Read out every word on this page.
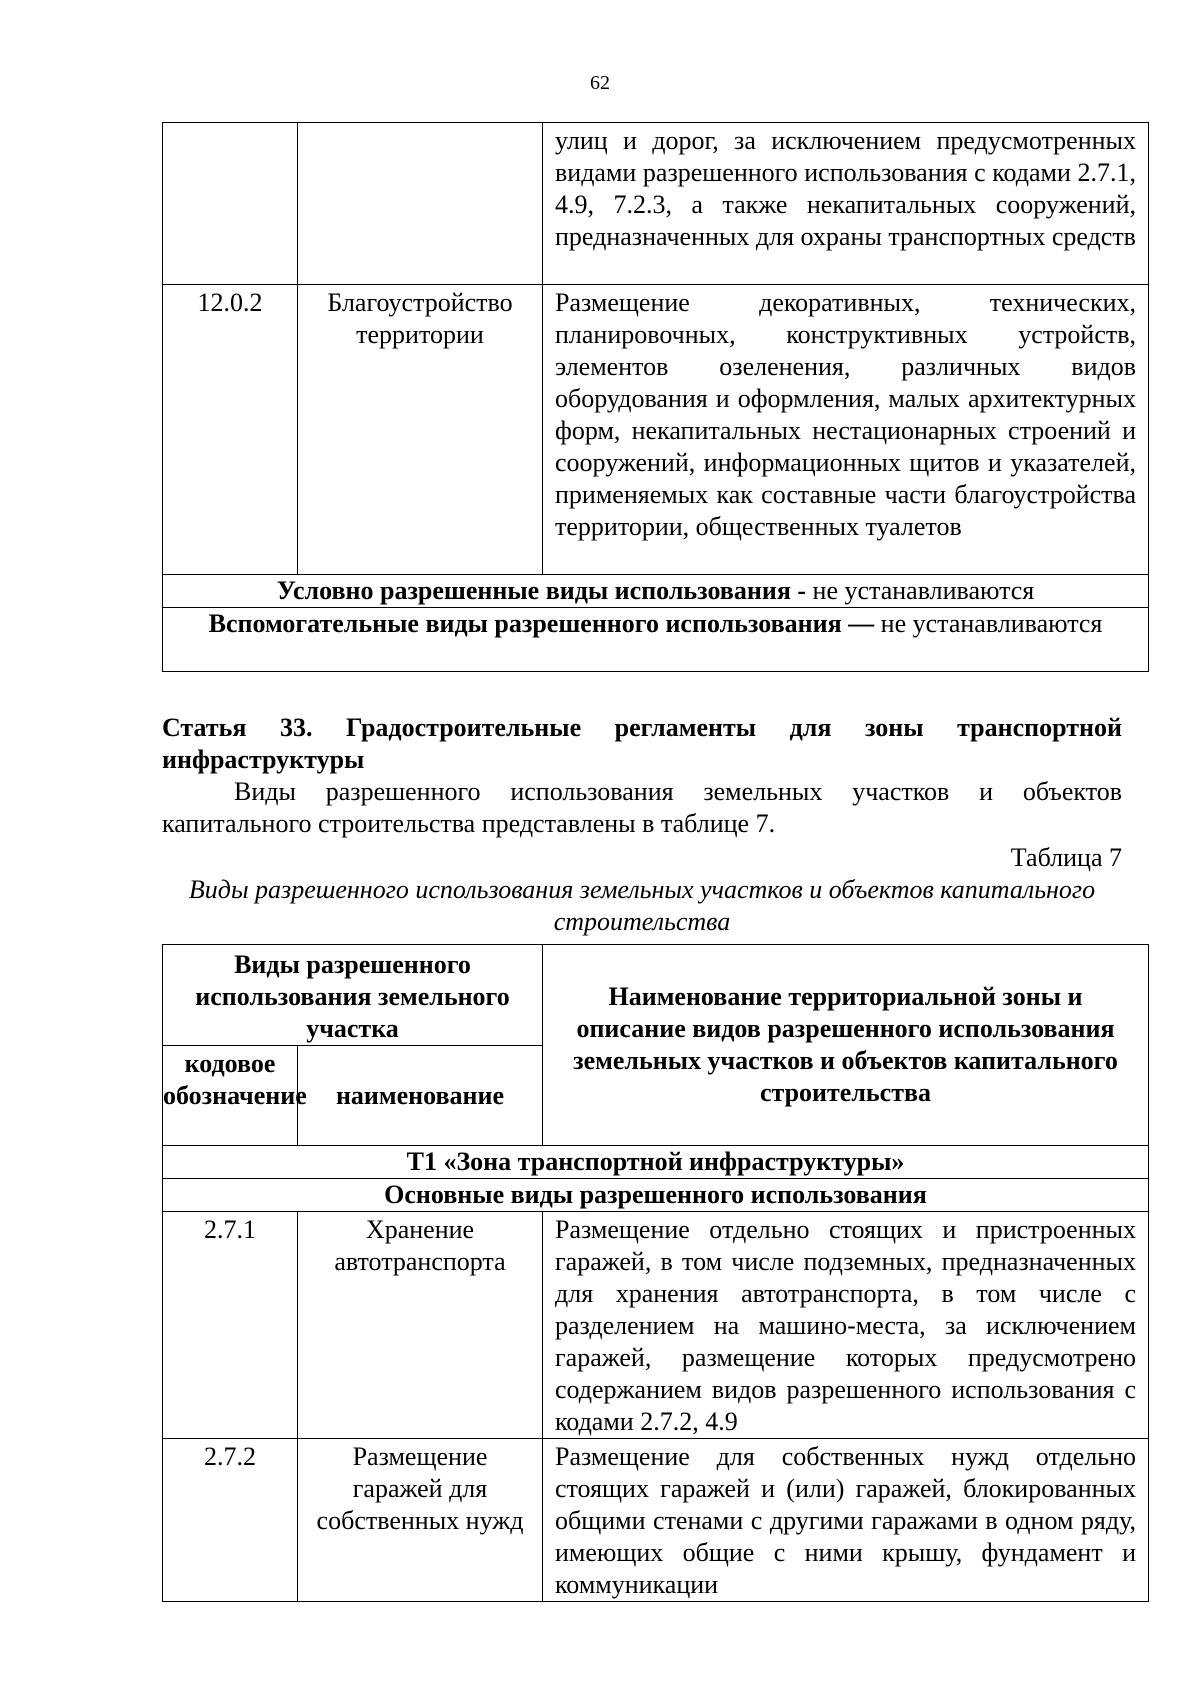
62
		улиц и дорог, за исключением предусмотренных видами разрешенного использования с кодами 2.7.1, 4.9, 7.2.3, а также некапитальных сооружений, предназначенных для охраны транспортных средств
12.0.2	Благоустройство территории	Размещение декоративных, технических, планировочных, конструктивных устройств, элементов озеленения, различных видов оборудования и оформления, малых архитектурных форм, некапитальных нестационарных строений и сооружений, информационных щитов и указателей, применяемых как составные части благоустройства территории, общественных туалетов
Условно разрешенные виды использования - не устанавливаются		
Вспомогательные виды разрешенного использования — не устанавливаются		
Статья 33. Градостроительные регламенты для зоны транспортной инфраструктуры
Виды разрешенного использования земельных участков и объектов капитального строительства представлены в таблице 7.
Таблица 7
Виды разрешенного использования земельных участков и объектов капитального строительства
Виды разрешенного использования земельного участка		Наименование территориальной зоны и описание видов разрешенного использования земельных участков и объектов капитального строительства
кодовое обозначение	наименование	
Т1 «Зона транспортной инфраструктуры»		
Основные виды разрешенного использования		
2.7.1	Хранение автотранспорта	Размещение отдельно стоящих и пристроенных гаражей, в том числе подземных, предназначенных для хранения автотранспорта, в том числе с разделением на машино-места, за исключением гаражей, размещение которых предусмотрено содержанием видов разрешенного использования с кодами 2.7.2, 4.9
2.7.2	Размещение гаражей для собственных нужд	Размещение для собственных нужд отдельно стоящих гаражей и (или) гаражей, блокированных общими стенами с другими гаражами в одном ряду, имеющих общие с ними крышу, фундамент и коммуникации
